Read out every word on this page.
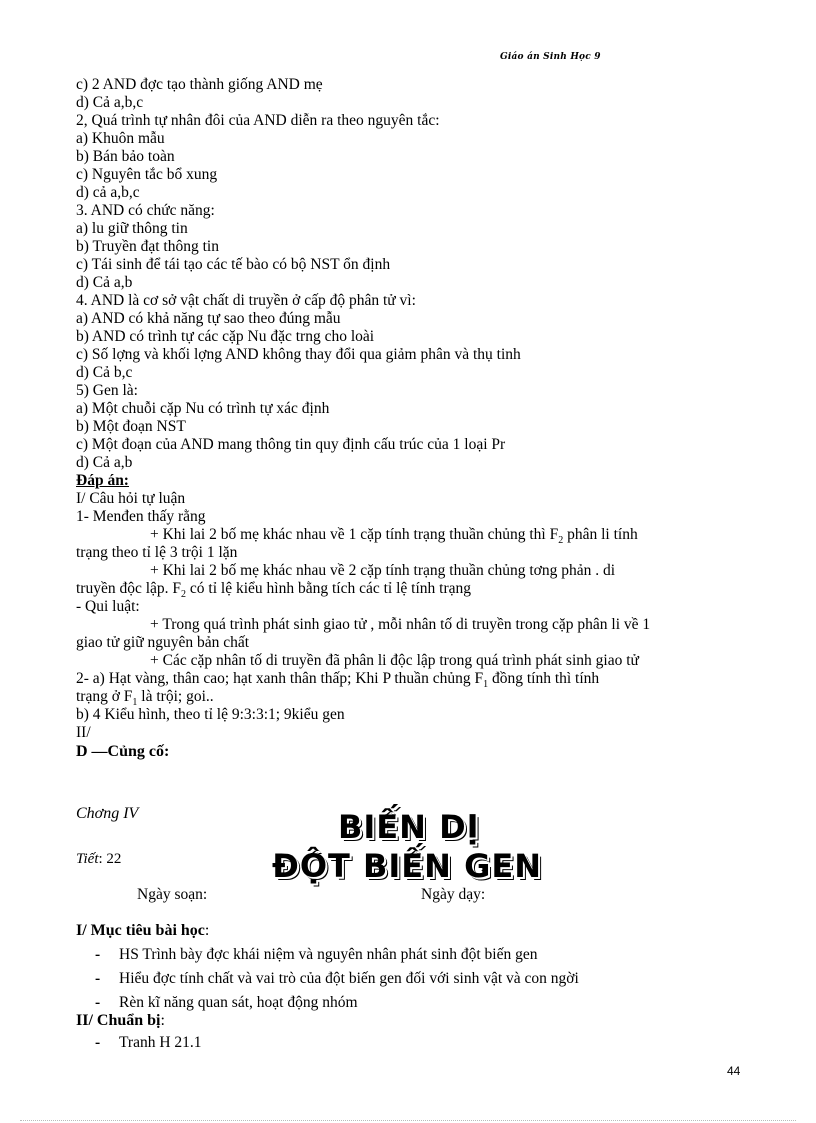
Giáo án Sinh Học 9
c) 2 AND đợc tạo thành giống AND mẹ
d) Cả a,b,c
2, Quá trình tự nhân đôi của AND diễn ra theo nguyên tắc:
a) Khuôn mẫu
b) Bán bảo toàn
c) Nguyên tắc bổ xung
d) cả a,b,c
3. AND có chức năng:
a) lu giữ thông tin
b) Truyền đạt thông tin
c) Tái sinh để tái tạo các tế bào có bộ NST ổn định
d) Cả a,b
4. AND là cơ sở vật chất di truyền ở cấp độ phân tử vì:
a) AND có khả năng tự sao theo đúng mẫu
b) AND có trình tự các cặp Nu đặc trng cho loài
c) Số lợng và khối lợng AND không thay đổi qua giảm phân và thụ tinh
d) Cả b,c
5) Gen là:
a) Một chuỗi cặp Nu có trình tự xác định
b) Một đoạn NST
c) Một đoạn của AND mang thông tin quy định cấu trúc của 1 loại Pr
d) Cả a,b
Đáp án:
I/ Câu hỏi tự luận
1- Menđen thấy rằng
+ Khi lai 2 bố mẹ khác nhau về 1 cặp tính trạng thuần chủng thì $F_2$ phân li tính
trạng theo tỉ lệ 3 trội 1 lặn
+ Khi lai 2 bố mẹ khác nhau về 2 cặp tính trạng thuần chủng tơng phản . di
truyền độc lập. $F_2$ có tỉ lệ kiểu hình bằng tích các tỉ lệ tính trạng
- Qui luật:
+ Trong quá trình phát sinh giao tử , mỗi nhân tố di truyền trong cặp phân li về 1
giao tử giữ nguyên bản chất
+ Các cặp nhân tố di truyền đã phân li độc lập trong quá trình phát sinh giao tử
2- a) Hạt vàng, thân cao; hạt xanh thân thấp; Khi P thuần chủng $F_1$ đồng tính thì tính
trạng ở $F_1$ là trội; goi..
b) 4 Kiểu hình, theo tỉ lệ 9:3:3:1; 9kiểu gen
II/
D —Củng cố:
Chơng IV	BIẾN DỊ
Tiết: 22	ĐỘT BIẾN GEN
Ngày soạn:	Ngày dạy:
I/ Mục tiêu bài học:
- HS Trình bày đợc khái niệm và nguyên nhân phát sinh đột biến gen
- Hiểu đợc tính chất và vai trò của đột biến gen đối với sinh vật và con ngời
- Rèn kĩ năng quan sát, hoạt động nhóm
II/ Chuẩn bị:
- Tranh H 21.1
44
